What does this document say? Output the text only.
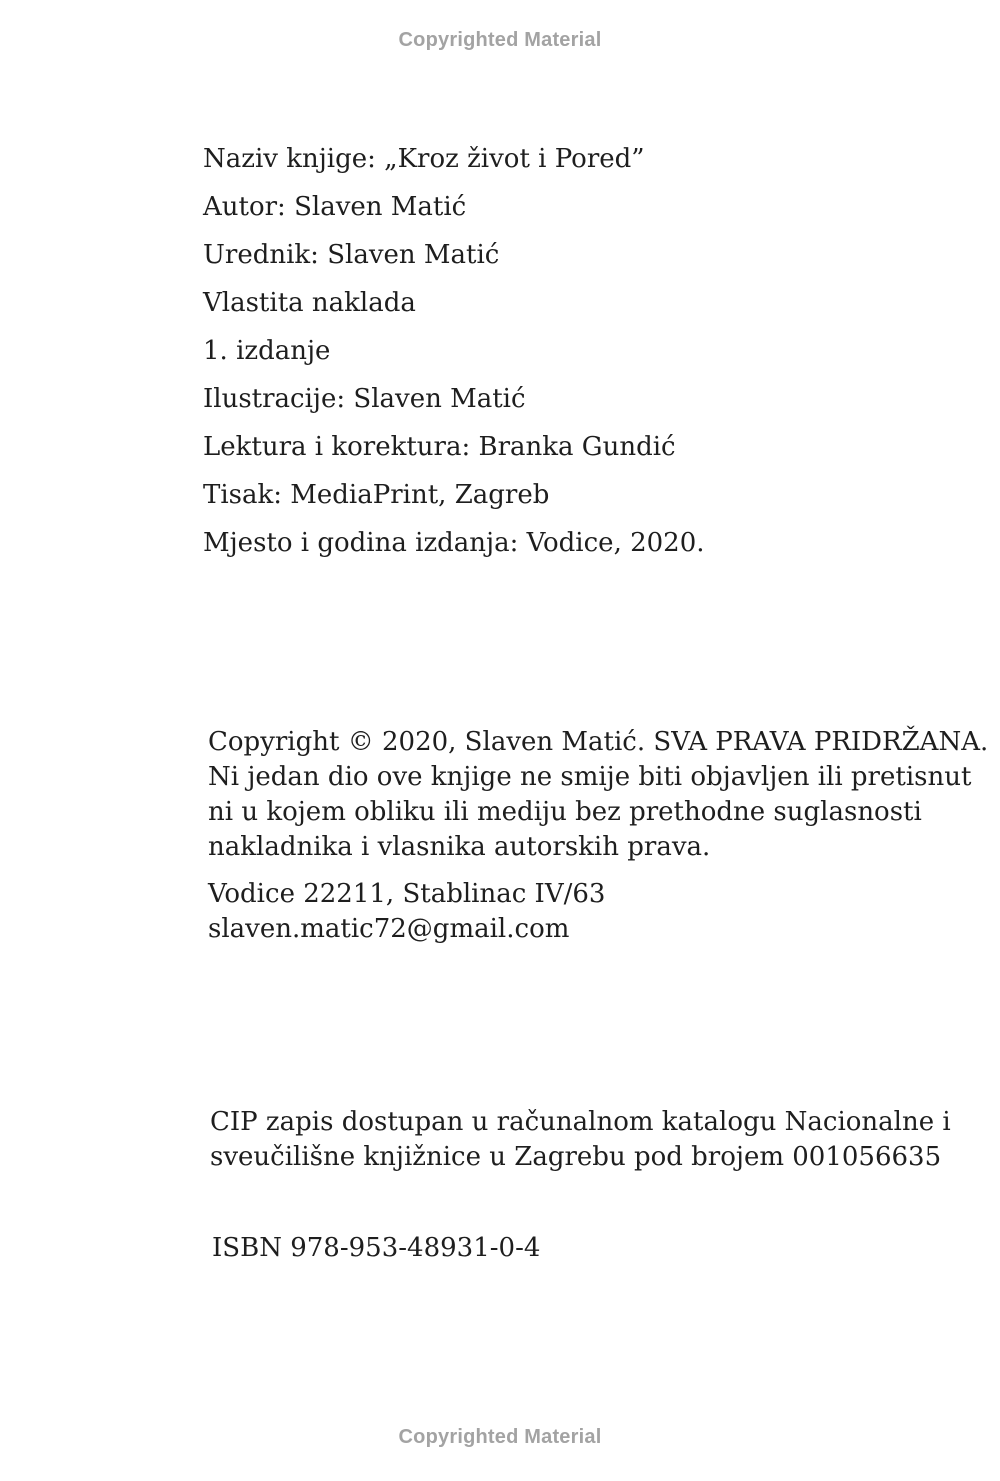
Copyrighted Material
Naziv knjige: „Kroz život i Pored”
Autor: Slaven Matić
Urednik: Slaven Matić
Vlastita naklada
1. izdanje
Ilustracije: Slaven Matić
Lektura i korektura: Branka Gundić
Tisak: MediaPrint, Zagreb
Mjesto i godina izdanja: Vodice, 2020.
Copyright © 2020, Slaven Matić. SVA PRAVA PRIDRŽANA.
Ni jedan dio ove knjige ne smije biti objavljen ili pretisnut
ni u kojem obliku ili mediju bez prethodne suglasnosti
nakladnika i vlasnika autorskih prava.
Vodice 22211, Stablinac IV/63
slaven.matic72@gmail.com
CIP zapis dostupan u računalnom katalogu Nacionalne i
sveučilišne knjižnice u Zagrebu pod brojem 001056635
ISBN 978-953-48931-0-4
Copyrighted Material
